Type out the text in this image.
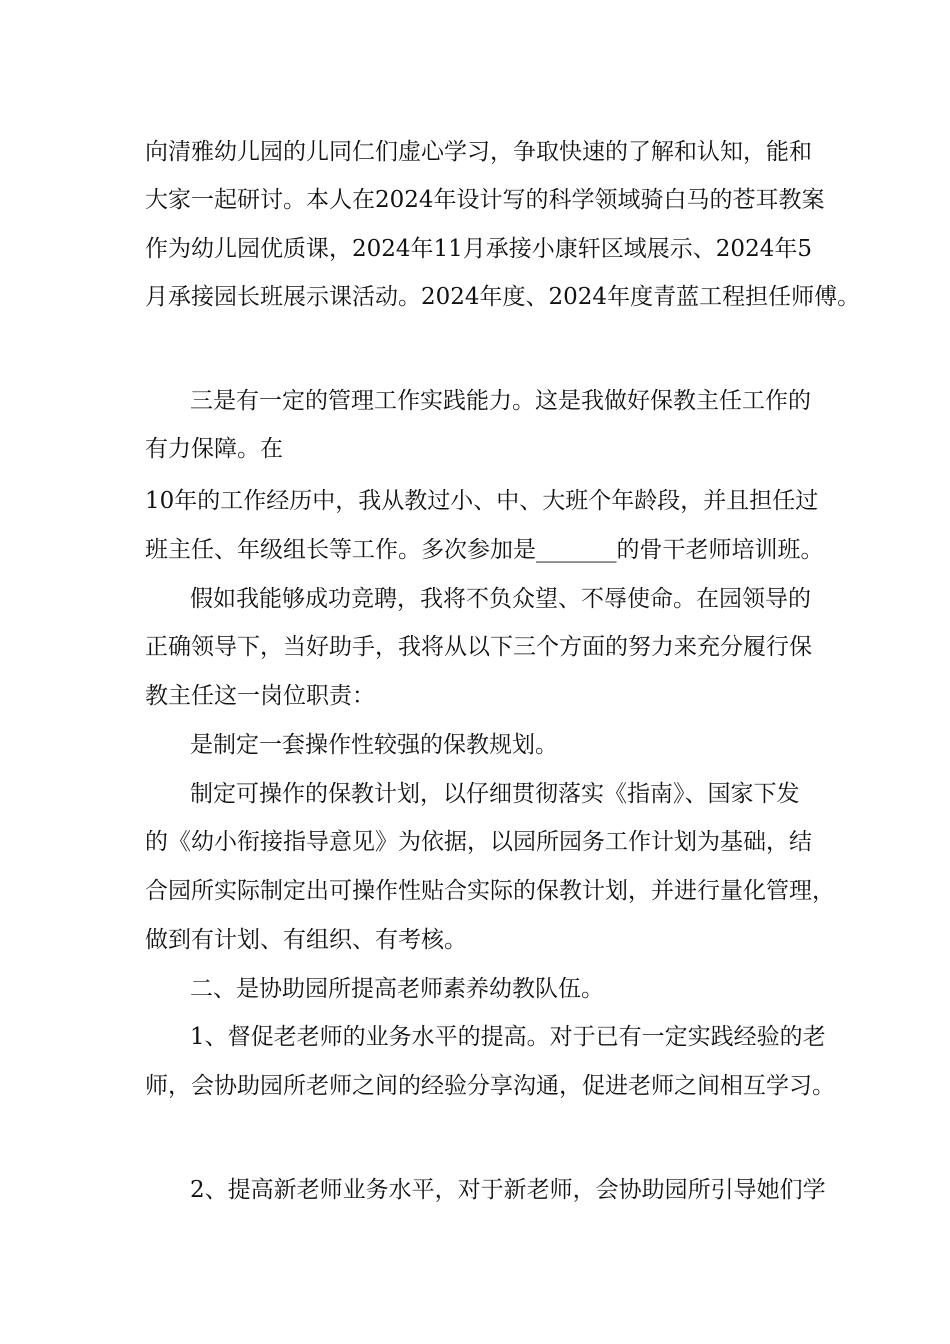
向清雅幼儿园的儿同仁们虚心学习，争取快速的了解和认知，能和
大家一起研讨。本人在2024年设计写的科学领域骑白马的苍耳教案
作为幼儿园优质课，2024年11月承接小康轩区域展示、2024年5
月承接园长班展示课活动。2024年度、2024年度青蓝工程担任师傅。
三是有一定的管理工作实践能力。这是我做好保教主任工作的
有力保障。在
10年的工作经历中，我从教过小、中、大班个年龄段，并且担任过
班主任、年级组长等工作。多次参加是_______的骨干老师培训班。
假如我能够成功竞聘，我将不负众望、不辱使命。在园领导的
正确领导下，当好助手，我将从以下三个方面的努力来充分履行保
教主任这一岗位职责：
是制定一套操作性较强的保教规划。
制定可操作的保教计划，以仔细贯彻落实《指南》、国家下发
的《幼小衔接指导意见》为依据，以园所园务工作计划为基础，结
合园所实际制定出可操作性贴合实际的保教计划，并进行量化管理，
做到有计划、有组织、有考核。
二、是协助园所提高老师素养幼教队伍。
1、督促老老师的业务水平的提高。对于已有一定实践经验的老
师，会协助园所老师之间的经验分享沟通，促进老师之间相互学习。
2、提高新老师业务水平，对于新老师，会协助园所引导她们学
